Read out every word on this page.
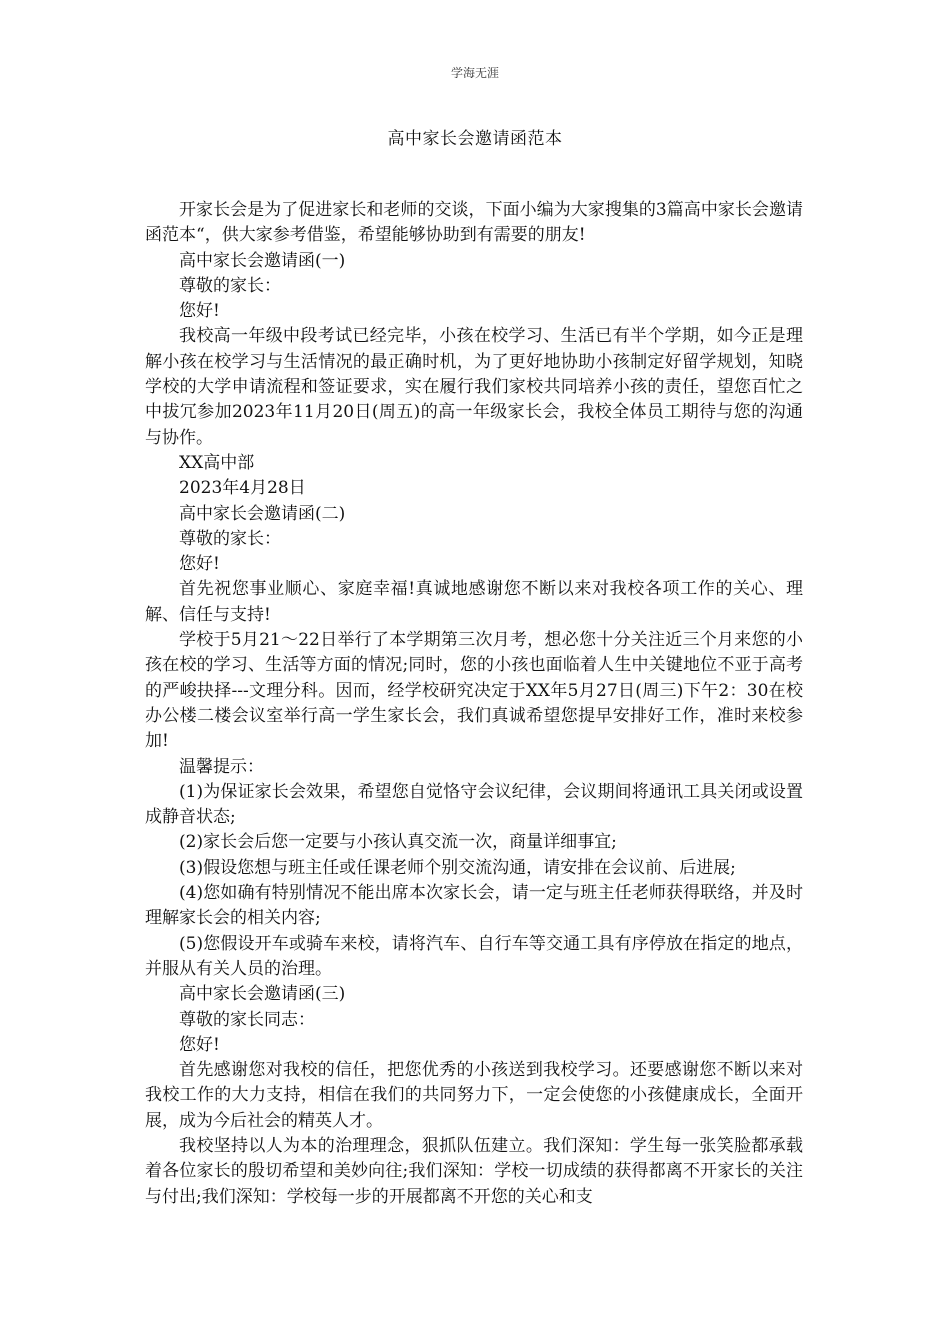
学海无涯
高中家长会邀请函范本

开家长会是为了促进家长和老师的交谈，下面小编为大家搜集的3篇高中家长会邀请函范本“，供大家参考借鉴，希望能够协助到有需要的朋友!

高中家长会邀请函(一)

尊敬的家长：

您好!

我校高一年级中段考试已经完毕，小孩在校学习、生活已有半个学期，如今正是理解小孩在校学习与生活情况的最正确时机，为了更好地协助小孩制定好留学规划，知晓学校的大学申请流程和签证要求，实在履行我们家校共同培养小孩的责任，望您百忙之中拔冗参加2023年11月20日(周五)的高一年级家长会，我校全体员工期待与您的沟通与协作。

XX高中部

2023年4月28日

高中家长会邀请函(二)

尊敬的家长：

您好!

首先祝您事业顺心、家庭幸福!真诚地感谢您不断以来对我校各项工作的关心、理解、信任与支持!

学校于5月21～22日举行了本学期第三次月考，想必您十分关注近三个月来您的小孩在校的学习、生活等方面的情况;同时，您的小孩也面临着人生中关键地位不亚于高考的严峻抉择---文理分科。因而，经学校研究决定于XX年5月27日(周三)下午2：30在校办公楼二楼会议室举行高一学生家长会，我们真诚希望您提早安排好工作，准时来校参加!

温馨提示：

(1)为保证家长会效果，希望您自觉恪守会议纪律，会议期间将通讯工具关闭或设置成静音状态;

(2)家长会后您一定要与小孩认真交流一次，商量详细事宜;

(3)假设您想与班主任或任课老师个别交流沟通，请安排在会议前、后进展;

(4)您如确有特别情况不能出席本次家长会，请一定与班主任老师获得联络，并及时理解家长会的相关内容;

(5)您假设开车或骑车来校，请将汽车、自行车等交通工具有序停放在指定的地点，并服从有关人员的治理。

高中家长会邀请函(三)

尊敬的家长同志：

您好!

首先感谢您对我校的信任，把您优秀的小孩送到我校学习。还要感谢您不断以来对我校工作的大力支持，相信在我们的共同努力下，一定会使您的小孩健康成长，全面开展，成为今后社会的精英人才。

我校坚持以人为本的治理理念，狠抓队伍建立。我们深知：学生每一张笑脸都承载着各位家长的殷切希望和美妙向往;我们深知：学校一切成绩的获得都离不开家长的关注与付出;我们深知：学校每一步的开展都离不开您的关心和支
